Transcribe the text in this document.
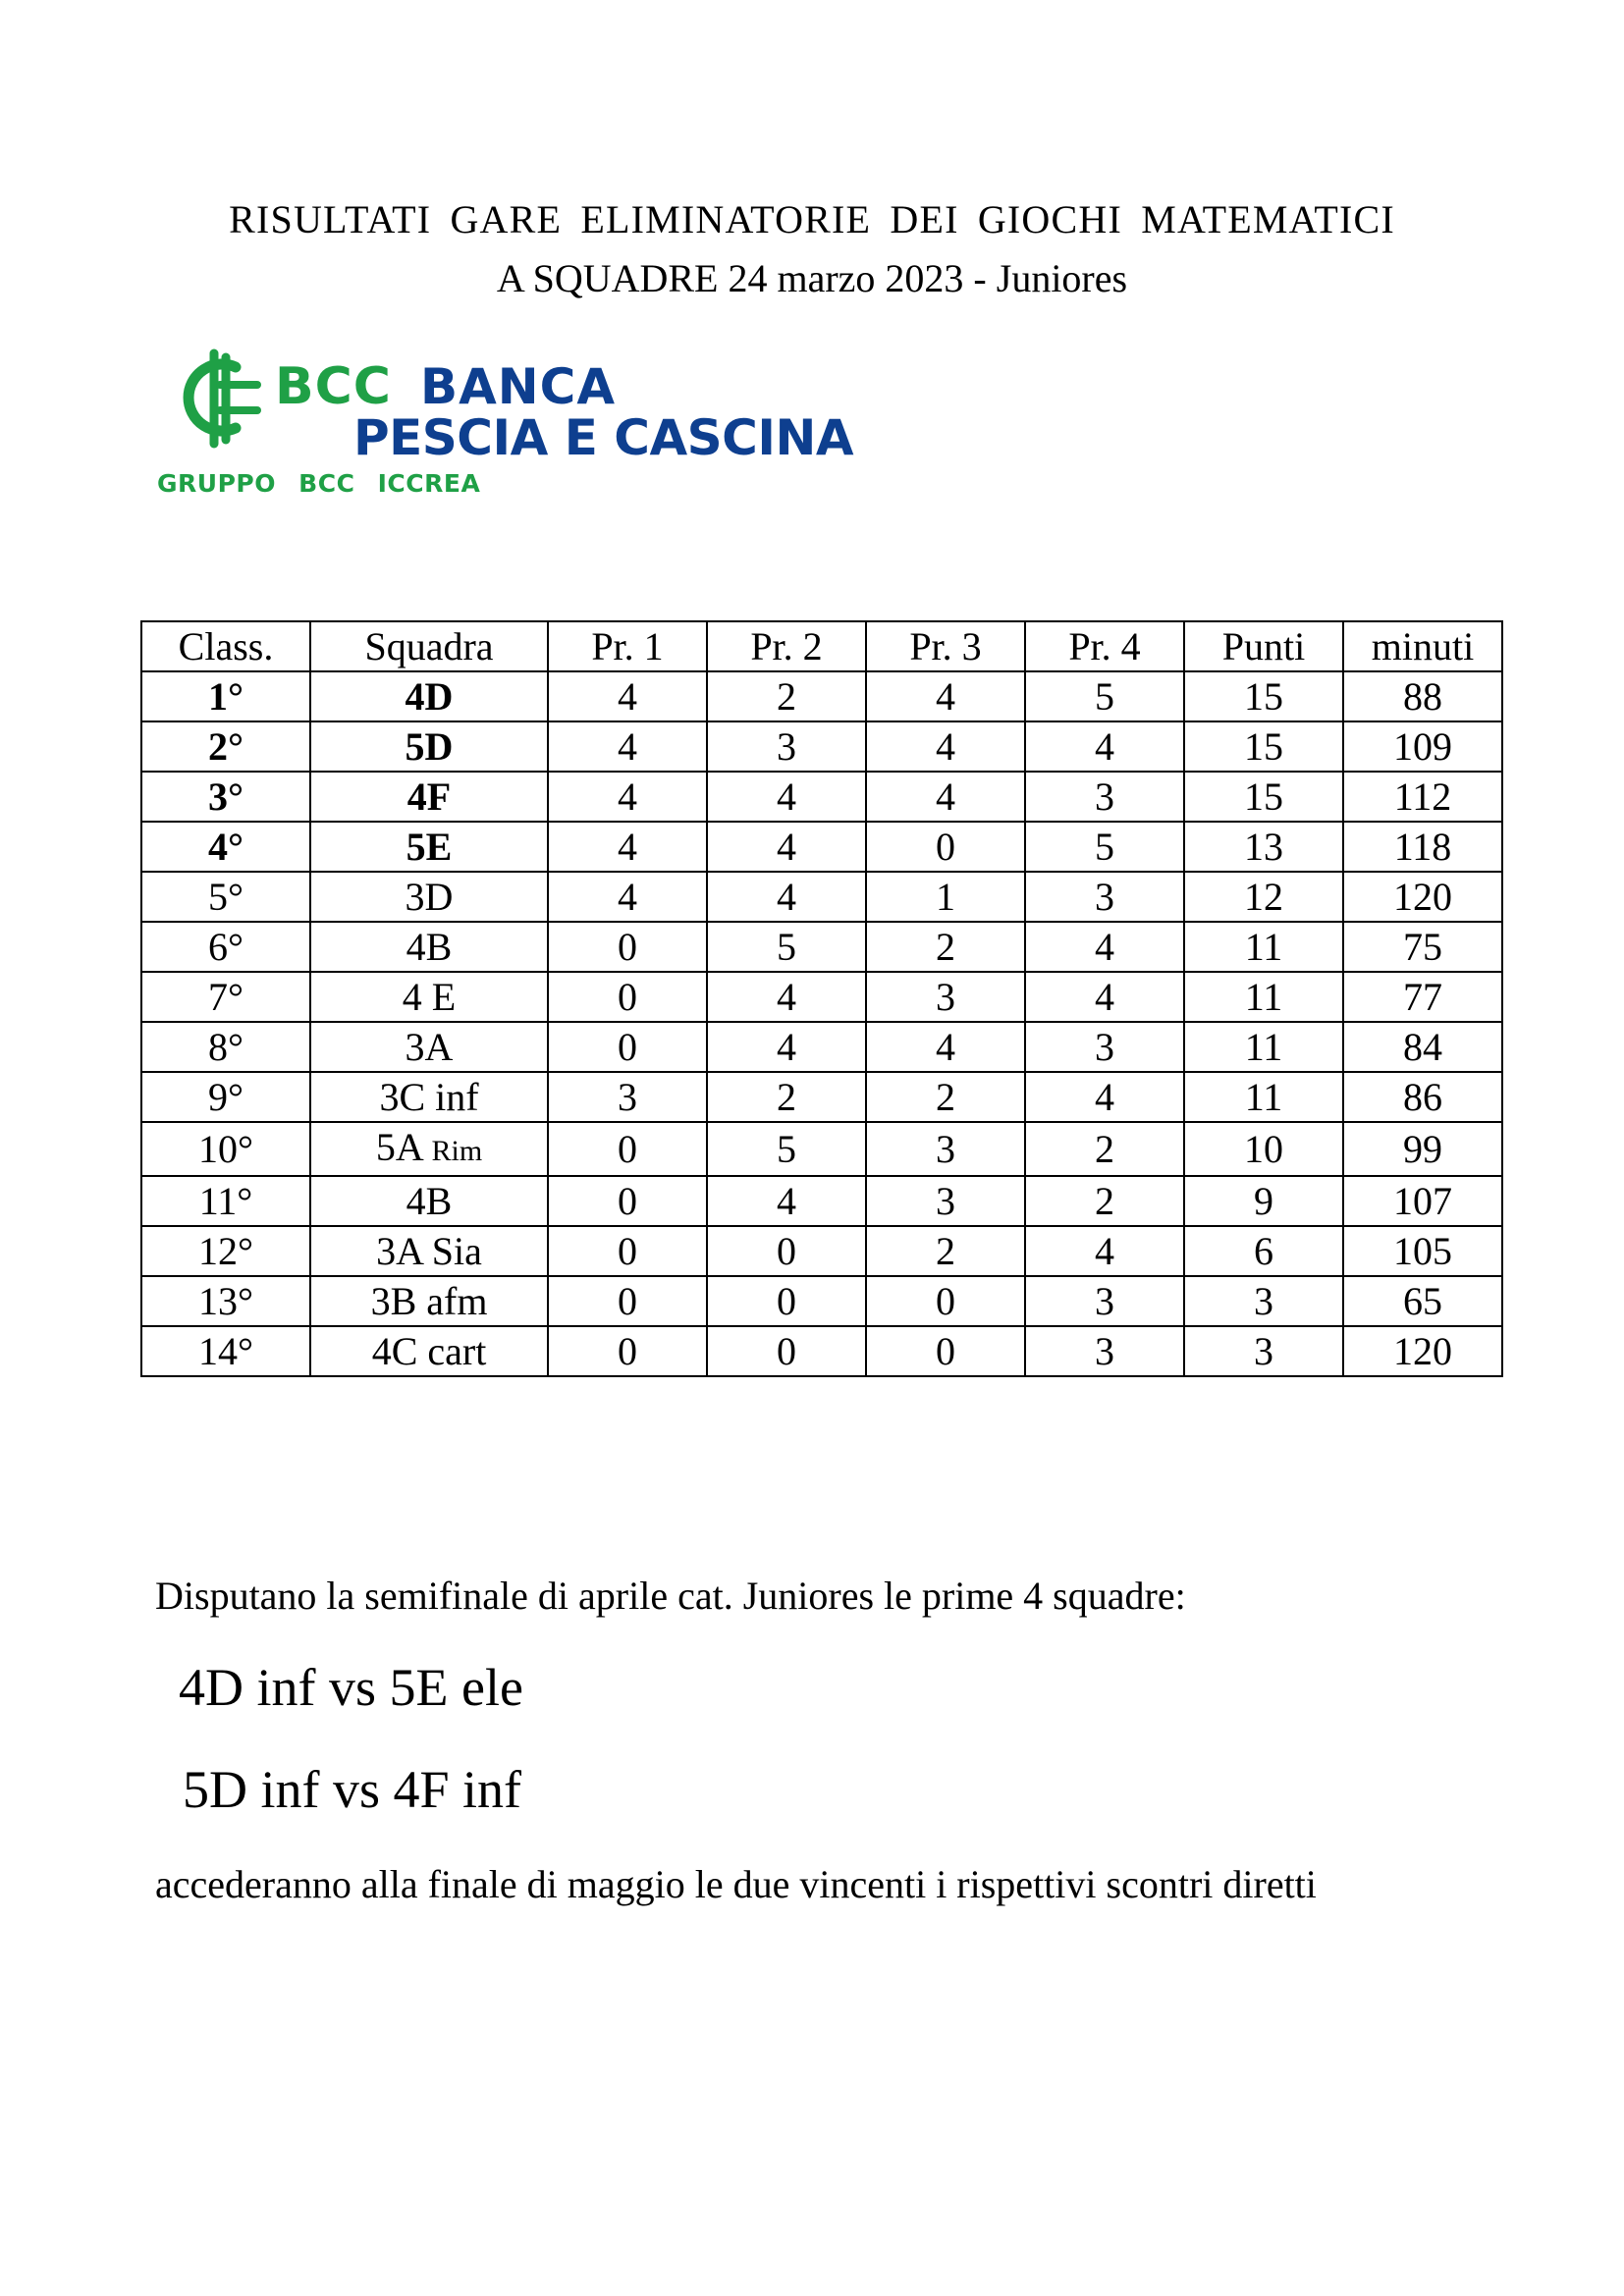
RISULTATI GARE ELIMINATORIE DEI GIOCHI MATEMATICI
A SQUADRE 24 marzo 2023 - Juniores
BCC BANCA
PESCIA E CASCINA
GRUPPO BCC ICCREA
Class.	Squadra	Pr. 1	Pr. 2	Pr. 3	Pr. 4	Punti	minuti
1°	4D	4	2	4	5	15	88
2°	5D	4	3	4	4	15	109
3°	4F	4	4	4	3	15	112
4°	5E	4	4	0	5	13	118
5°	3D	4	4	1	3	12	120
6°	4B	0	5	2	4	11	75
7°	4 E	0	4	3	4	11	77
8°	3A	0	4	4	3	11	84
9°	3C inf	3	2	2	4	11	86
10°	5A Rim	0	5	3	2	10	99
11°	4B	0	4	3	2	9	107
12°	3A Sia	0	0	2	4	6	105
13°	3B afm	0	0	0	3	3	65
14°	4C cart	0	0	0	3	3	120

Disputano la semifinale di aprile cat. Juniores le prime 4 squadre:

4D inf vs 5E ele

5D inf vs 4F inf

accederanno alla finale di maggio le due vincenti i rispettivi scontri diretti
